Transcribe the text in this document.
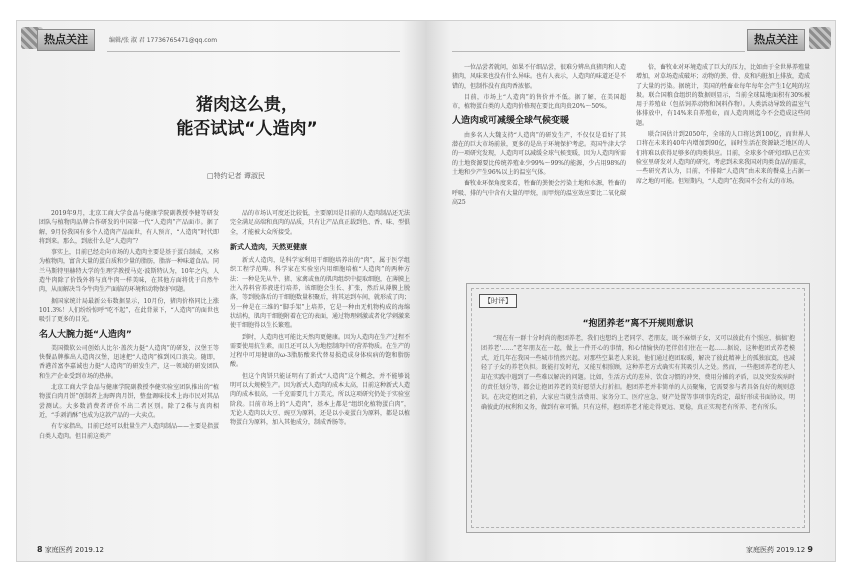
热点关注	编辑/张 淑 君 17736765471@qq.com
猪肉这么贵，
能否试试“人造肉”
□特约记者 谭淑民

2019年9月，北京工商大学食品与健康学院副教授李健等研发团队与植物肉品牌合作研发的中国第一代“人造肉”产品面市。据了解，9月份我国有多个人造肉产品面世，有人预言，“人造肉”时代即将到来。那么，到底什么是“人造肉”？

事实上，目前已经走向市场的人造肉主要是基于蛋白制成，又称为植物肉，富含大量的蛋白质和少量的脂肪，脂溶一种味道食品。同兰马斯特里赫特大学的生理学教授马克·波斯特认为，10年之内，人造牛肉除了价钱外将与真牛肉一样美味，在其他方面将优于自然牛肉，从而解决当今牛肉生产面临的环境和动物保护问题。

据国家统计局最新公布数据显示，10月份，猪肉价格同比上涨101.3%！人们纷纷惊呼“吃不起”，在此背景下，“人造肉”的面世也吸引了更多的目光。

名人大腕力挺“人造肉”

美国微软公司创始人比尔·盖茨力挺“人造肉”的研发，汉堡王等快餐品牌推出人造肉汉堡，迅速把“人造肉”推到风口浪尖。随即，香港首富李嘉诚也力挺“人造肉”的研发生产，这一领域的研发团队和生产企业受到市场的热捧。

北京工商大学食品与健康学院副教授李健实验室团队推出的“植物蛋白肉月饼”创制者上海晖肉月饼，整盘调味技术上海市民对其品尝测试。大多数消费者评价不出二者区别。除了2株与真肉相近，“手剥消酥”也成为这款产品的一大卖点。

有专家指出，目前已经可以批量生产人造肉制品——主要是指蛋白类人造肉。但目前这类产

品的市场认可度还比较低，主要原因是目前的人造肉制品还无法完全满足高端和真肉的品质，只有让产品真正载到色、香、味、型俱全，才能被大众所接受。

新式人造肉，天然更健康

新式人造肉，是科学家利用干细胞培养出的“肉”，属于医学组织工程学范畴。科学家在实验室内用细胞培植“人造肉”的两种方法：一种是先从牛、猪、家禽或鱼的肌肉组织中提取细胞，在薄膜上注入养料营养液进行培养，该细胞会生长、扩张，然后从薄膜上脱落，等到脱落后的干细胞数量积聚后，将其运到车间，就形成了肉；另一种是在三维的“脚手架”上培养，它是一种由无机物构成的海绵状结构，肌肉干细胞附着在它的表面，通过物理刺激或者化学刺激来使干细胞得以生长繁殖。

到时，人造肉也可能比天然肉更健康。因为人造肉在生产过程不需要使用抗生素，而且还可以人为地控制肉中的营养物质。在生产的过程中可用健康的ω-3脂肪酸来代替易损造成身体疾病的饱和脂肪酸。

但这个肉饼只能证明有了新式“人造肉”这个概念，并不能够说明可以大规模生产。因为新式人造肉的成本太高，目前这种新式人造肉的成本很高，一千克需要几十万美元，所以这项研究仍处于实验室阶段。目前市场上的“人造肉”，基本上都是“组织化植物蛋白肉”，无论人造肉以大豆、豌豆为原料，还是以小麦蛋白为原料，都是以植物蛋白为原料，加入其他成分，制成香肠等。

8 家庭医药 2019.12
热点关注

一位品尝者就问，如果不仔细品尝，很难分辨出真猪肉和人造猪肉，风味来也没有什么异味。也有人表示，人造肉的味道还是不错的，但制作没有真肉香浓郁。

目前，市场上“人造肉”的售价并不低。据了解，在美国超市，植物蛋白类的人造肉价格现在要比真肉贵20%～50%。

人造肉或可减缓全球气候变暖

由多名人大魏支持“人造肉”的研发生产，不仅仅是看好了其潜在的巨大市场前景，更多的是出于环境保护考虑。英国牛津大学的一项研究发现，人造肉可以减缓全球气候变暖，因为人造肉所需的土地资源要比传统养殖业少99%～99%的能源，少占用98%的土地和少产生96%以上的温室气体。

畜牧业环保角度来看，牲畜的粪便会污染土地和水源，牲畜的呼吸、排的气中含有大量的甲烷，而甲烷的温室效应要比二氧化碳高25

倍，畜牧业对环境造成了巨大的压力，比如由于全世界养殖量增加，对草场造成破坏；动物的粪、骨、皮和内脏加上排放，造成了大量的污染。据统计，美国的牲畜业每年每年会产生1亿吨的垃圾。联合国粮食组织的数据则显示，当前全球陆地面积有30%被用于养殖业（包括饲养动物和饲料作物）。人类活动导致的温室气体排放中，有14%来自养殖业，而人造肉则迄今不会造成这些问题。

联合国估计到2050年，全球的人口将达到100亿，而世界人口将在未来的40年内增加到90亿，届时生活在资源缺乏地区的人们将难以获得足够多的肉类供应。目前，全球多个研究团队已在实验室里研发对人造肉的研究。考虑到未来我国对肉类食品的需求，一些研究者认为，目前，不排除“人造肉”由未来的餐桌上占据一席之地的可能。但短期内，“人造肉”在我国不会有太的市场。

【时评】
“抱团养老”离不开规则意识

“现在有一群十分时尚的抱团养老，我们也想约上老同学、老朋友，既不麻烦子女，又可以彼此有个照应，搞搞'抱团养老'……”老年朋友在一起，做上一件开心的事情，和心情愉快的老伴侣们住在一起……据说，这种抱团式养老模式，近几年在我国一些城市悄然兴起。对那些空巢老人来说，他们通过抱团取暖，解决了彼此精神上的孤独寂寞，也减轻了子女的养老负担。既能打发时光，又能互相照顾，这种养老方式确实有其吸引人之处。然而，一些抱团养老的老人却在实践中遇到了一些难以解决的问题。比如，生活方式的差异、饮食习惯的冲突、费用分摊的矛盾，以及突发疾病时的责任划分等，都会让抱团养老的美好愿望大打折扣。抱团养老并非简单的人员聚集，它需要参与者具备良好的规则意识。在决定抱团之前，大家应当就生活费用、家务分工、医疗应急、财产处置等事项事先约定，最好形成书面协议，明确彼此的权利和义务，做到有章可循。只有这样，抱团养老才能走得更远、更稳，真正实现老有所养、老有所乐。

家庭医药 2019.12 9
